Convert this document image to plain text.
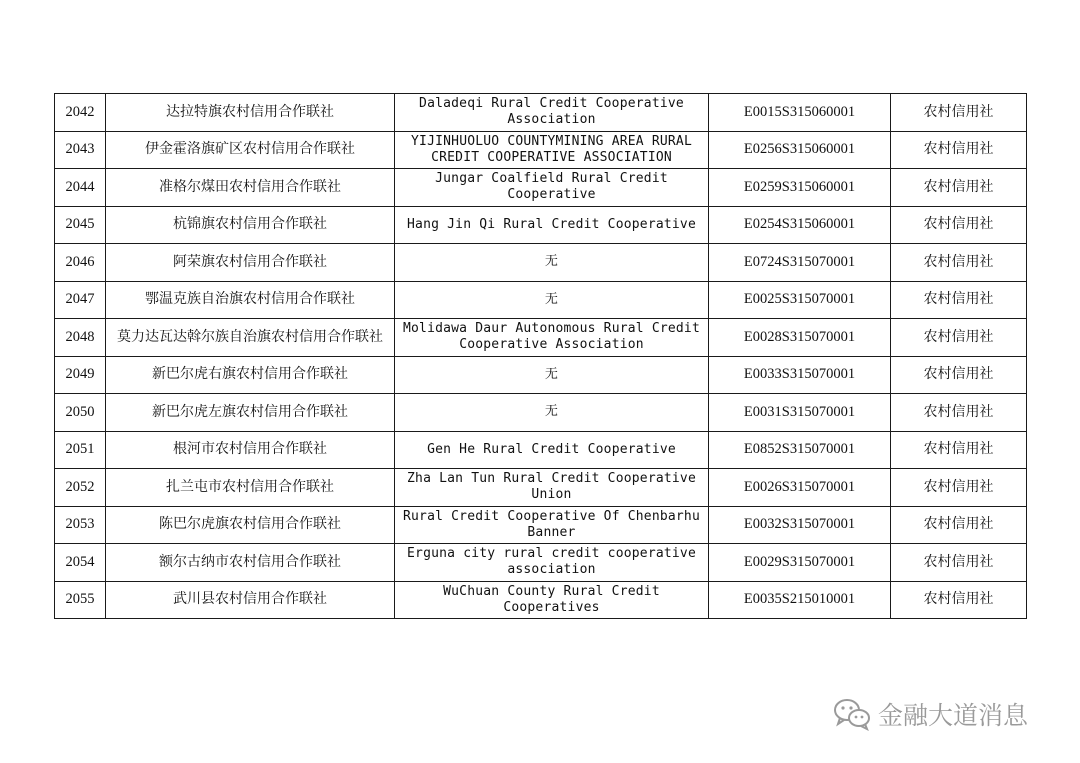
2042	达拉特旗农村信用合作联社	Daladeqi Rural Credit Cooperative Association	E0015S315060001	农村信用社
2043	伊金霍洛旗矿区农村信用合作联社	YIJINHUOLUO COUNTYMINING AREA RURAL CREDIT COOPERATIVE ASSOCIATION	E0256S315060001	农村信用社
2044	准格尔煤田农村信用合作联社	Jungar Coalfield Rural Credit Cooperative	E0259S315060001	农村信用社
2045	杭锦旗农村信用合作联社	Hang Jin Qi Rural Credit Cooperative	E0254S315060001	农村信用社
2046	阿荣旗农村信用合作联社	无	E0724S315070001	农村信用社
2047	鄂温克族自治旗农村信用合作联社	无	E0025S315070001	农村信用社
2048	莫力达瓦达斡尔族自治旗农村信用合作联社	Molidawa Daur Autonomous Rural Credit Cooperative Association	E0028S315070001	农村信用社
2049	新巴尔虎右旗农村信用合作联社	无	E0033S315070001	农村信用社
2050	新巴尔虎左旗农村信用合作联社	无	E0031S315070001	农村信用社
2051	根河市农村信用合作联社	Gen He Rural Credit Cooperative	E0852S315070001	农村信用社
2052	扎兰屯市农村信用合作联社	Zha Lan Tun Rural Credit Cooperative Union	E0026S315070001	农村信用社
2053	陈巴尔虎旗农村信用合作联社	Rural Credit Cooperative Of Chenbarhu Banner	E0032S315070001	农村信用社
2054	额尔古纳市农村信用合作联社	Erguna city rural credit cooperative association	E0029S315070001	农村信用社
2055	武川县农村信用合作联社	WuChuan County Rural Credit Cooperatives	E0035S215010001	农村信用社
金融大道消息
